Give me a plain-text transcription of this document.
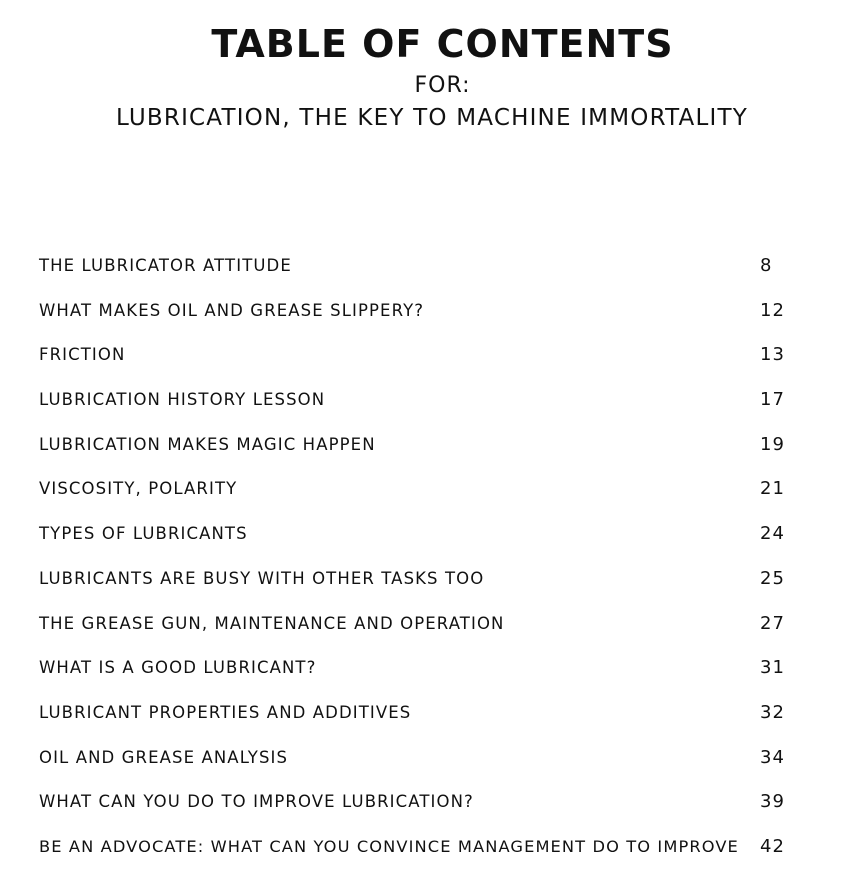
TABLE OF CONTENTS
FOR:
LUBRICATION, THE KEY TO MACHINE IMMORTALITY
THE LUBRICATOR ATTITUDE	8
WHAT MAKES OIL AND GREASE SLIPPERY?	12
FRICTION	13
LUBRICATION HISTORY LESSON	17
LUBRICATION MAKES MAGIC HAPPEN	19
VISCOSITY, POLARITY	21
TYPES OF LUBRICANTS	24
LUBRICANTS ARE BUSY WITH OTHER TASKS TOO	25
THE GREASE GUN, MAINTENANCE AND OPERATION	27
WHAT IS A GOOD LUBRICANT?	31
LUBRICANT PROPERTIES AND ADDITIVES	32
OIL AND GREASE ANALYSIS	34
WHAT CAN YOU DO TO IMPROVE LUBRICATION?	39
BE AN ADVOCATE: WHAT CAN YOU CONVINCE MANAGEMENT DO TO IMPROVE 42
